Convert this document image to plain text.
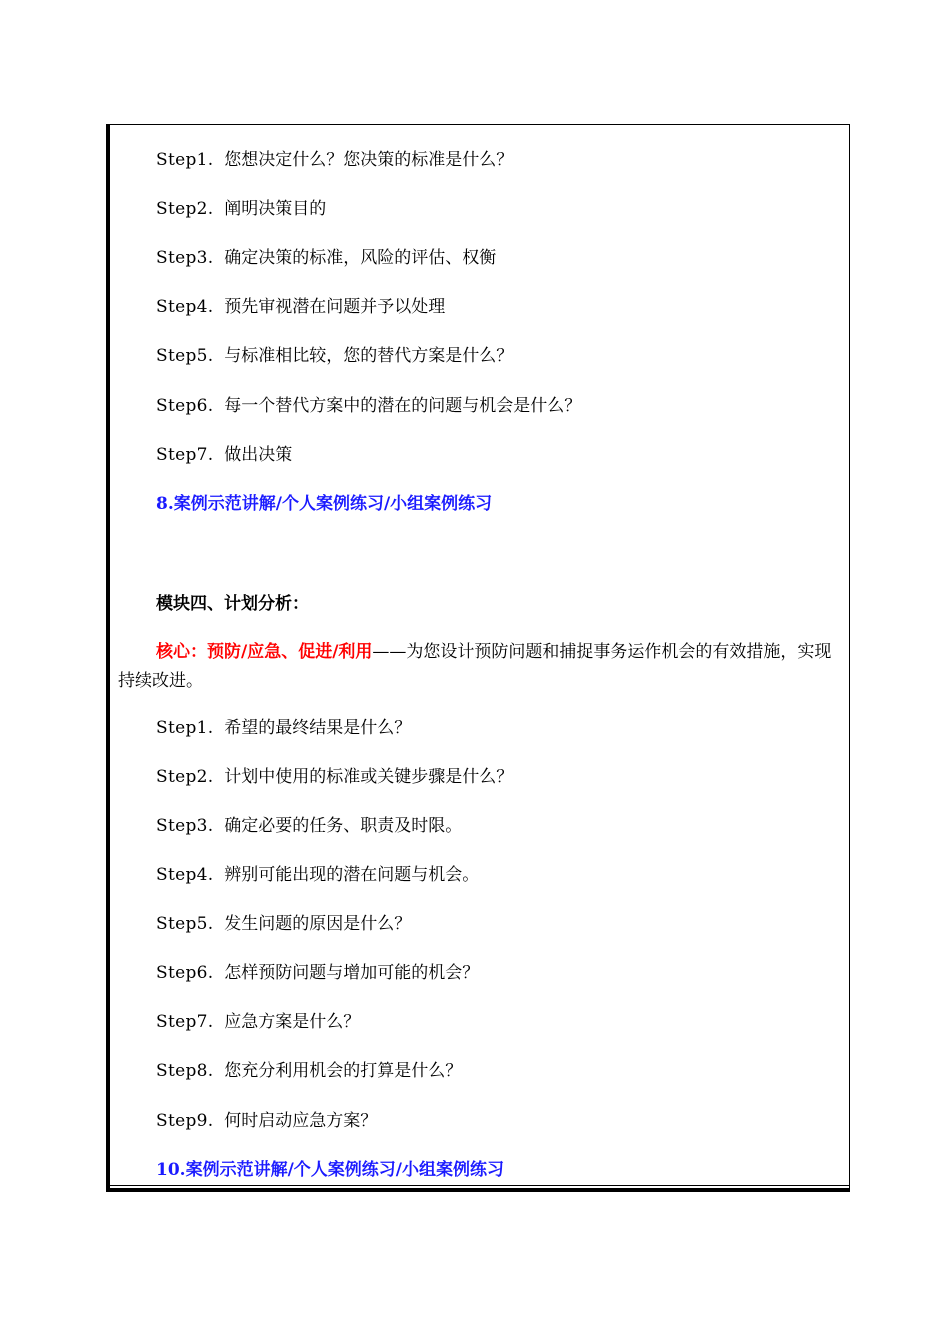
Step1. 您想决定什么？您决策的标准是什么？
Step2. 阐明决策目的
Step3. 确定决策的标准，风险的评估、权衡
Step4. 预先审视潜在问题并予以处理
Step5. 与标准相比较，您的替代方案是什么？
Step6. 每一个替代方案中的潜在的问题与机会是什么？
Step7. 做出决策
8.案例示范讲解/个人案例练习/小组案例练习
模块四、计划分析：
核心：预防/应急、促进/利用——为您设计预防问题和捕捉事务运作机会的有效措施，实现持续改进。
Step1. 希望的最终结果是什么？
Step2. 计划中使用的标准或关键步骤是什么？
Step3. 确定必要的任务、职责及时限。
Step4. 辨别可能出现的潜在问题与机会。
Step5. 发生问题的原因是什么？
Step6. 怎样预防问题与增加可能的机会？
Step7. 应急方案是什么？
Step8. 您充分利用机会的打算是什么？
Step9. 何时启动应急方案？
10.案例示范讲解/个人案例练习/小组案例练习
